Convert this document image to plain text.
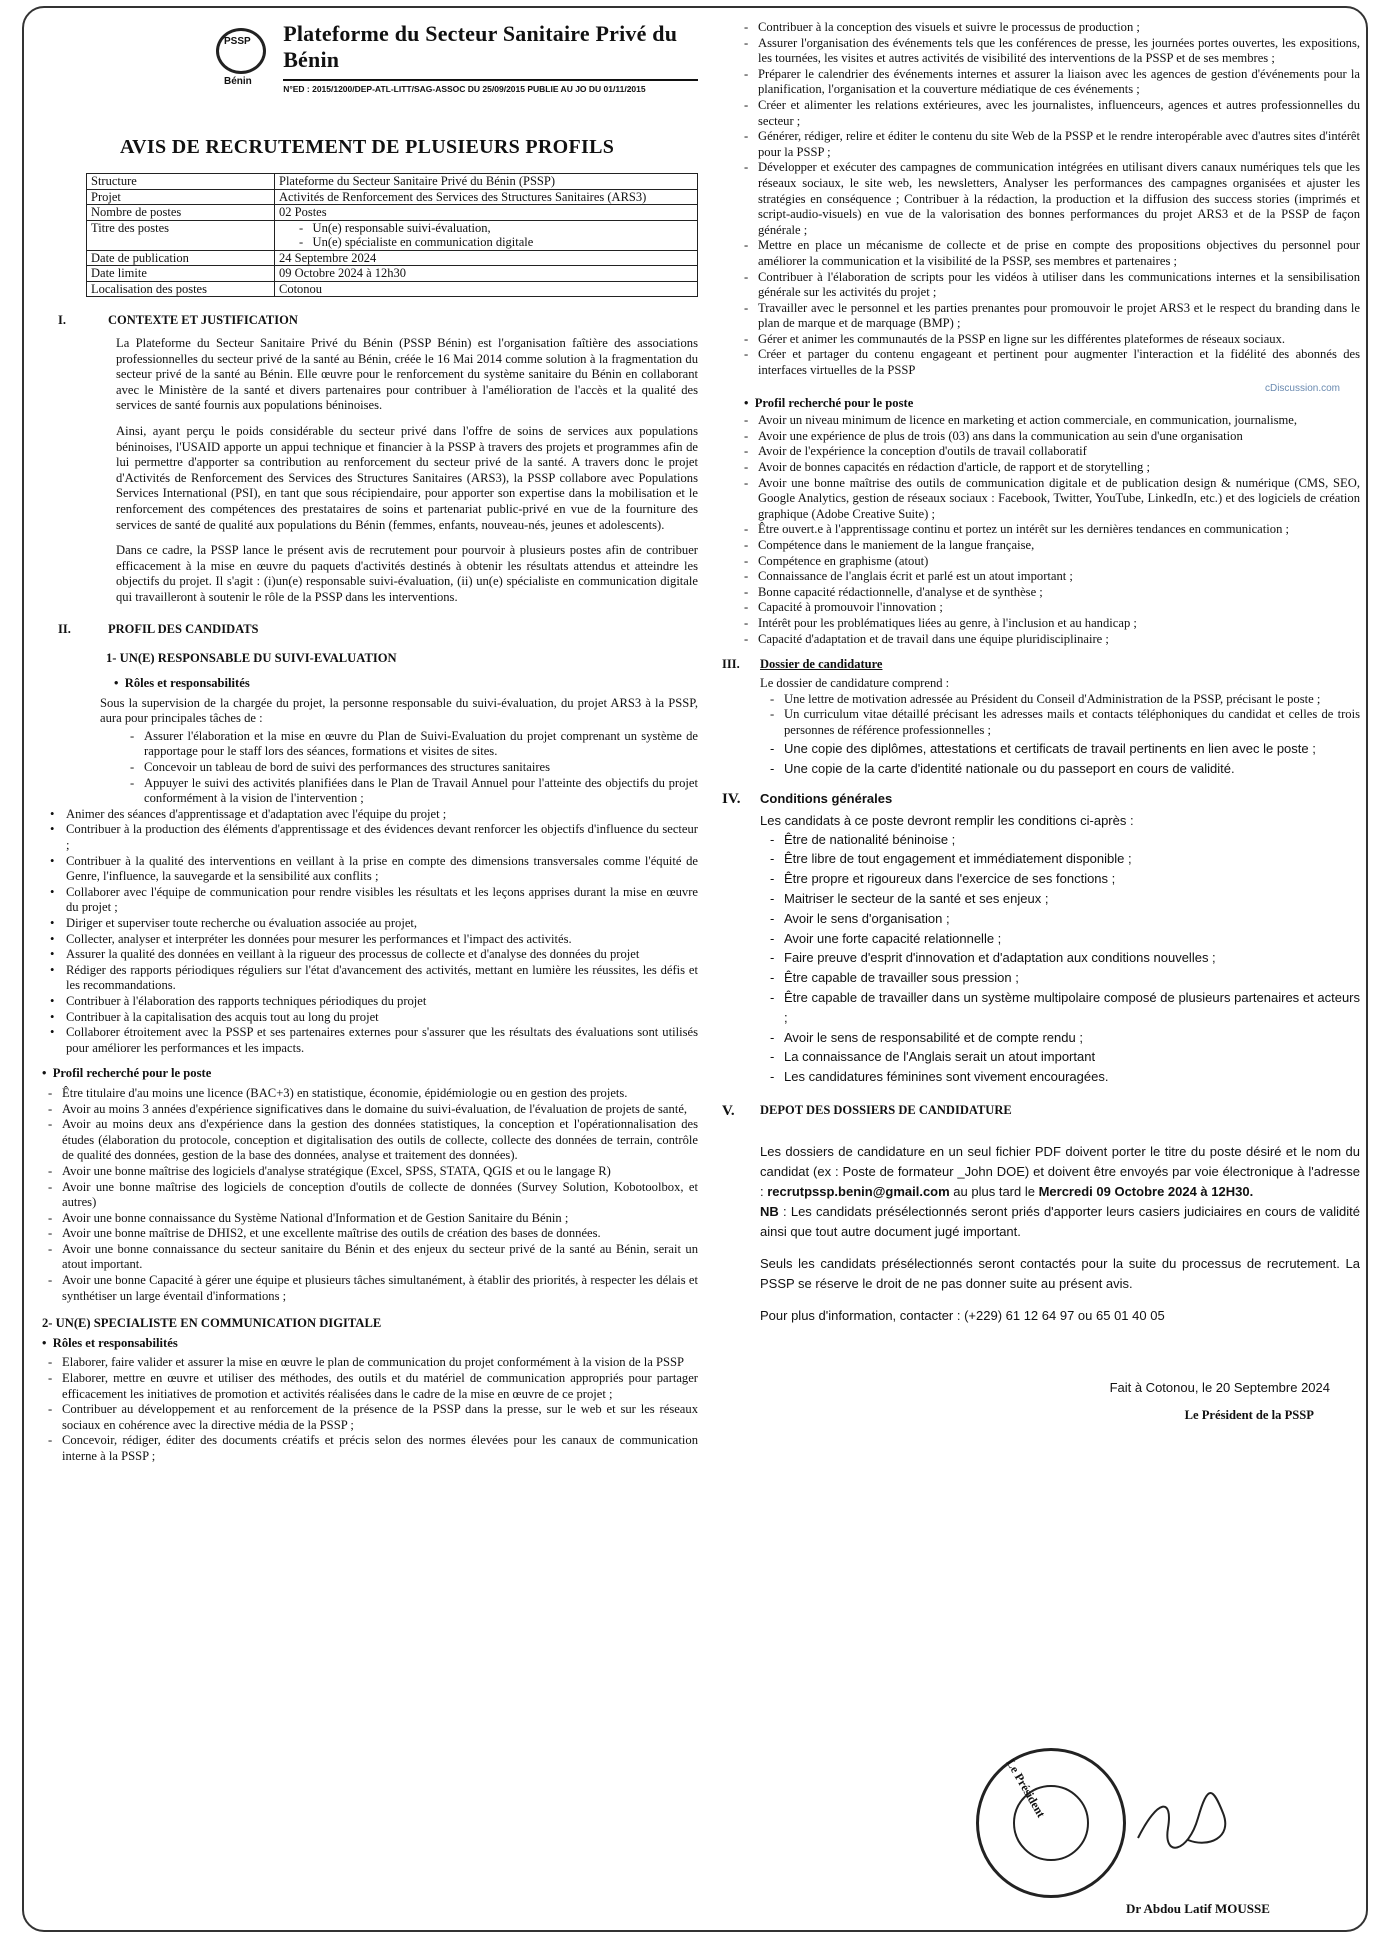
PSSP
Bénin
Plateforme du Secteur Sanitaire Privé du Bénin
N°ED : 2015/1200/DEP-ATL-LITT/SAG-ASSOC DU 25/09/2015 PUBLIE AU JO DU 01/11/2015
AVIS DE RECRUTEMENT DE PLUSIEURS PROFILS
Structure	Plateforme du Secteur Sanitaire Privé du Bénin (PSSP)
Projet	Activités de Renforcement des Services des Structures Sanitaires (ARS3)
Nombre de postes	02 Postes
Titre des postes	-   Un(e) responsable suivi-évaluation,
-   Un(e) spécialiste en communication digitale

Date de publication	24 Septembre 2024
Date limite	09 Octobre 2024 à 12h30
Localisation des postes	Cotonou
I.	CONTEXTE ET JUSTIFICATION

La Plateforme du Secteur Sanitaire Privé du Bénin (PSSP Bénin) est l'organisation faîtière des associations professionnelles du secteur privé de la santé au Bénin, créée le 16 Mai 2014 comme solution à la fragmentation du secteur privé de la santé au Bénin. Elle œuvre pour le renforcement du système sanitaire du Bénin en collaborant avec le Ministère de la santé et divers partenaires pour contribuer à l'amélioration de l'accès et la qualité des services de santé fournis aux populations béninoises.

Ainsi, ayant perçu le poids considérable du secteur privé dans l'offre de soins de services aux populations béninoises, l'USAID apporte un appui technique et financier à la PSSP à travers des projets et programmes afin de lui permettre d'apporter sa contribution au renforcement du secteur privé de la santé. A travers donc le projet d'Activités de Renforcement des Services des Structures Sanitaires (ARS3), la PSSP collabore avec Populations Services International (PSI), en tant que sous récipiendaire, pour apporter son expertise dans la mobilisation et le renforcement des compétences des prestataires de soins et partenariat public-privé en vue de la fourniture des services de santé de qualité aux populations du Bénin (femmes, enfants, nouveau-nés, jeunes et adolescents).

Dans ce cadre, la PSSP lance le présent avis de recrutement pour pourvoir à plusieurs postes afin de contribuer efficacement à la mise en œuvre du paquets d'activités destinés à obtenir les résultats attendus et atteindre les objectifs du projet. Il s'agit : (i)un(e) responsable suivi-évaluation, (ii) un(e) spécialiste en communication digitale qui travailleront à soutenir le rôle de la PSSP dans les interventions.

II.	PROFIL DES CANDIDATS
1- UN(E) RESPONSABLE DU SUIVI-EVALUATION
•  Rôles et responsabilités

Sous la supervision de la chargée du projet, la personne responsable du suivi-évaluation, du projet ARS3 à la PSSP, aura pour principales tâches de :

- Assurer l'élaboration et la mise en œuvre du Plan de Suivi-Evaluation du projet comprenant un système de rapportage pour le staff lors des séances, formations et visites de sites.
- Concevoir un tableau de bord de suivi des performances des structures sanitaires
- Appuyer le suivi des activités planifiées dans le Plan de Travail Annuel pour l'atteinte des objectifs du projet conformément à la vision de l'intervention ;
• Animer des séances d'apprentissage et d'adaptation avec l'équipe du projet ;
• Contribuer à la production des éléments d'apprentissage et des évidences devant renforcer les objectifs d'influence du secteur ;
• Contribuer à la qualité des interventions en veillant à la prise en compte des dimensions transversales comme l'équité de Genre, l'influence, la sauvegarde et la sensibilité aux conflits ;
• Collaborer avec l'équipe de communication pour rendre visibles les résultats et les leçons apprises durant la mise en œuvre du projet ;
• Diriger et superviser toute recherche ou évaluation associée au projet,
• Collecter, analyser et interpréter les données pour mesurer les performances et l'impact des activités.
• Assurer la qualité des données en veillant à la rigueur des processus de collecte et d'analyse des données du projet
• Rédiger des rapports périodiques réguliers sur l'état d'avancement des activités, mettant en lumière les réussites, les défis et les recommandations.
• Contribuer à l'élaboration des rapports techniques périodiques du projet
• Contribuer à la capitalisation des acquis tout au long du projet
• Collaborer étroitement avec la PSSP et ses partenaires externes pour s'assurer que les résultats des évaluations sont utilisés pour améliorer les performances et les impacts.
•  Profil recherché pour le poste
- Être titulaire d'au moins une licence (BAC+3) en statistique, économie, épidémiologie ou en gestion des projets.
- Avoir au moins 3 années d'expérience significatives dans le domaine du suivi-évaluation, de l'évaluation de projets de santé,
- Avoir au moins deux ans d'expérience dans la gestion des données statistiques, la conception et l'opérationnalisation des études (élaboration du protocole, conception et digitalisation des outils de collecte, collecte des données de terrain, contrôle de qualité des données, gestion de la base des données, analyse et traitement des données).
- Avoir une bonne maîtrise des logiciels d'analyse stratégique (Excel, SPSS, STATA, QGIS et ou le langage R)
- Avoir une bonne maîtrise des logiciels de conception d'outils de collecte de données (Survey Solution, Kobotoolbox, et autres)
- Avoir une bonne connaissance du Système National d'Information et de Gestion Sanitaire du Bénin ;
- Avoir une bonne maîtrise de DHIS2, et une excellente maîtrise des outils de création des bases de données.
- Avoir une bonne connaissance du secteur sanitaire du Bénin et des enjeux du secteur privé de la santé au Bénin, serait un atout important.
- Avoir une bonne Capacité à gérer une équipe et plusieurs tâches simultanément, à établir des priorités, à respecter les délais et synthétiser un large éventail d'informations ;
2- UN(E) SPECIALISTE EN COMMUNICATION DIGITALE
•  Rôles et responsabilités
- Elaborer, faire valider et assurer la mise en œuvre le plan de communication du projet conformément à la vision de la PSSP
- Elaborer, mettre en œuvre et utiliser des méthodes, des outils et du matériel de communication appropriés pour partager efficacement les initiatives de promotion et activités réalisées dans le cadre de la mise en œuvre de ce projet ;
- Contribuer au développement et au renforcement de la présence de la PSSP dans la presse, sur le web et sur les réseaux sociaux en cohérence avec la directive média de la PSSP ;
- Concevoir, rédiger, éditer des documents créatifs et précis selon des normes élevées pour les canaux de communication interne à la PSSP ;
- Contribuer à la conception des visuels et suivre le processus de production ;
- Assurer l'organisation des événements tels que les conférences de presse, les journées portes ouvertes, les expositions, les tournées, les visites et autres activités de visibilité des interventions de la PSSP et de ses membres ;
- Préparer le calendrier des événements internes et assurer la liaison avec les agences de gestion d'événements pour la planification, l'organisation et la couverture médiatique de ces événements ;
- Créer et alimenter les relations extérieures, avec les journalistes, influenceurs, agences et autres professionnelles du secteur ;
- Générer, rédiger, relire et éditer le contenu du site Web de la PSSP et le rendre interopérable avec d'autres sites d'intérêt pour la PSSP ;
- Développer et exécuter des campagnes de communication intégrées en utilisant divers canaux numériques tels que les réseaux sociaux, le site web, les newsletters, Analyser les performances des campagnes organisées et ajuster les stratégies en conséquence ; Contribuer à la rédaction, la production et la diffusion des success stories (imprimés et script-audio-visuels) en vue de la valorisation des bonnes performances du projet ARS3 et de la PSSP de façon générale ;
- Mettre en place un mécanisme de collecte et de prise en compte des propositions objectives du personnel pour améliorer la communication et la visibilité de la PSSP, ses membres et partenaires ;
- Contribuer à l'élaboration de scripts pour les vidéos à utiliser dans les communications internes et la sensibilisation générale sur les activités du projet ;
- Travailler avec le personnel et les parties prenantes pour promouvoir le projet ARS3 et le respect du branding dans le plan de marque et de marquage (BMP) ;
- Gérer et animer les communautés de la PSSP en ligne sur les différentes plateformes de réseaux sociaux.
- Créer et partager du contenu engageant et pertinent pour augmenter l'interaction et la fidélité des abonnés des interfaces virtuelles de la PSSP
cDiscussion.com
•  Profil recherché pour le poste
- Avoir un niveau minimum de licence en marketing et action commerciale, en communication, journalisme,
- Avoir une expérience de plus de trois (03) ans dans la communication au sein d'une organisation
- Avoir de l'expérience la conception d'outils de travail collaboratif
- Avoir de bonnes capacités en rédaction d'article, de rapport et de storytelling ;
- Avoir une bonne maîtrise des outils de communication digitale et de publication design & numérique (CMS, SEO, Google Analytics, gestion de réseaux sociaux : Facebook, Twitter, YouTube, LinkedIn, etc.) et des logiciels de création graphique (Adobe Creative Suite) ;
- Être ouvert.e à l'apprentissage continu et portez un intérêt sur les dernières tendances en communication ;
- Compétence dans le maniement de la langue française,
- Compétence en graphisme (atout)
- Connaissance de l'anglais écrit et parlé est un atout important ;
- Bonne capacité rédactionnelle, d'analyse et de synthèse ;
- Capacité à promouvoir l'innovation ;
- Intérêt pour les problématiques liées au genre, à l'inclusion et au handicap ;
- Capacité d'adaptation et de travail dans une équipe pluridisciplinaire ;
III.	Dossier de candidature
Le dossier de candidature comprend :
- Une lettre de motivation adressée au Président du Conseil d'Administration de la PSSP, précisant le poste ;
- Un curriculum vitae détaillé précisant les adresses mails et contacts téléphoniques du candidat et celles de trois personnes de référence professionnelles ;
- Une copie des diplômes, attestations et certificats de travail pertinents en lien avec le poste ;
- Une copie de la carte d'identité nationale ou du passeport en cours de validité.
IV.	Conditions générales
Les candidats à ce poste devront remplir les conditions ci-après :
- Être de nationalité béninoise ;
- Être libre de tout engagement et immédiatement disponible ;
- Être propre et rigoureux dans l'exercice de ses fonctions ;
- Maitriser le secteur de la santé et ses enjeux ;
- Avoir le sens d'organisation ;
- Avoir une forte capacité relationnelle ;
- Faire preuve d'esprit d'innovation et d'adaptation aux conditions nouvelles ;
- Être capable de travailler sous pression ;
- Être capable de travailler dans un système multipolaire composé de plusieurs partenaires et acteurs ;
- Avoir le sens de responsabilité et de compte rendu ;
- La connaissance de l'Anglais serait un atout important
- Les candidatures féminines sont vivement encouragées.
V.	DEPOT DES DOSSIERS DE CANDIDATURE
Les dossiers de candidature en un seul fichier PDF doivent porter le titre du poste désiré et le nom du candidat (ex : Poste de formateur _John DOE) et doivent être envoyés par voie électronique à l'adresse : recrutpssp.benin@gmail.com au plus tard le Mercredi 09 Octobre 2024 à 12H30.
NB : Les candidats présélectionnés seront priés d'apporter leurs casiers judiciaires en cours de validité ainsi que tout autre document jugé important.
Seuls les candidats présélectionnés seront contactés pour la suite du processus de recrutement. La PSSP se réserve le droit de ne pas donner suite au présent avis.
Pour plus d'information, contacter : (+229) 61 12 64 97 ou 65 01 40 05
Fait à Cotonou, le 20 Septembre 2024
Le Président de la PSSP
Le Président
Dr Abdou Latif MOUSSE
